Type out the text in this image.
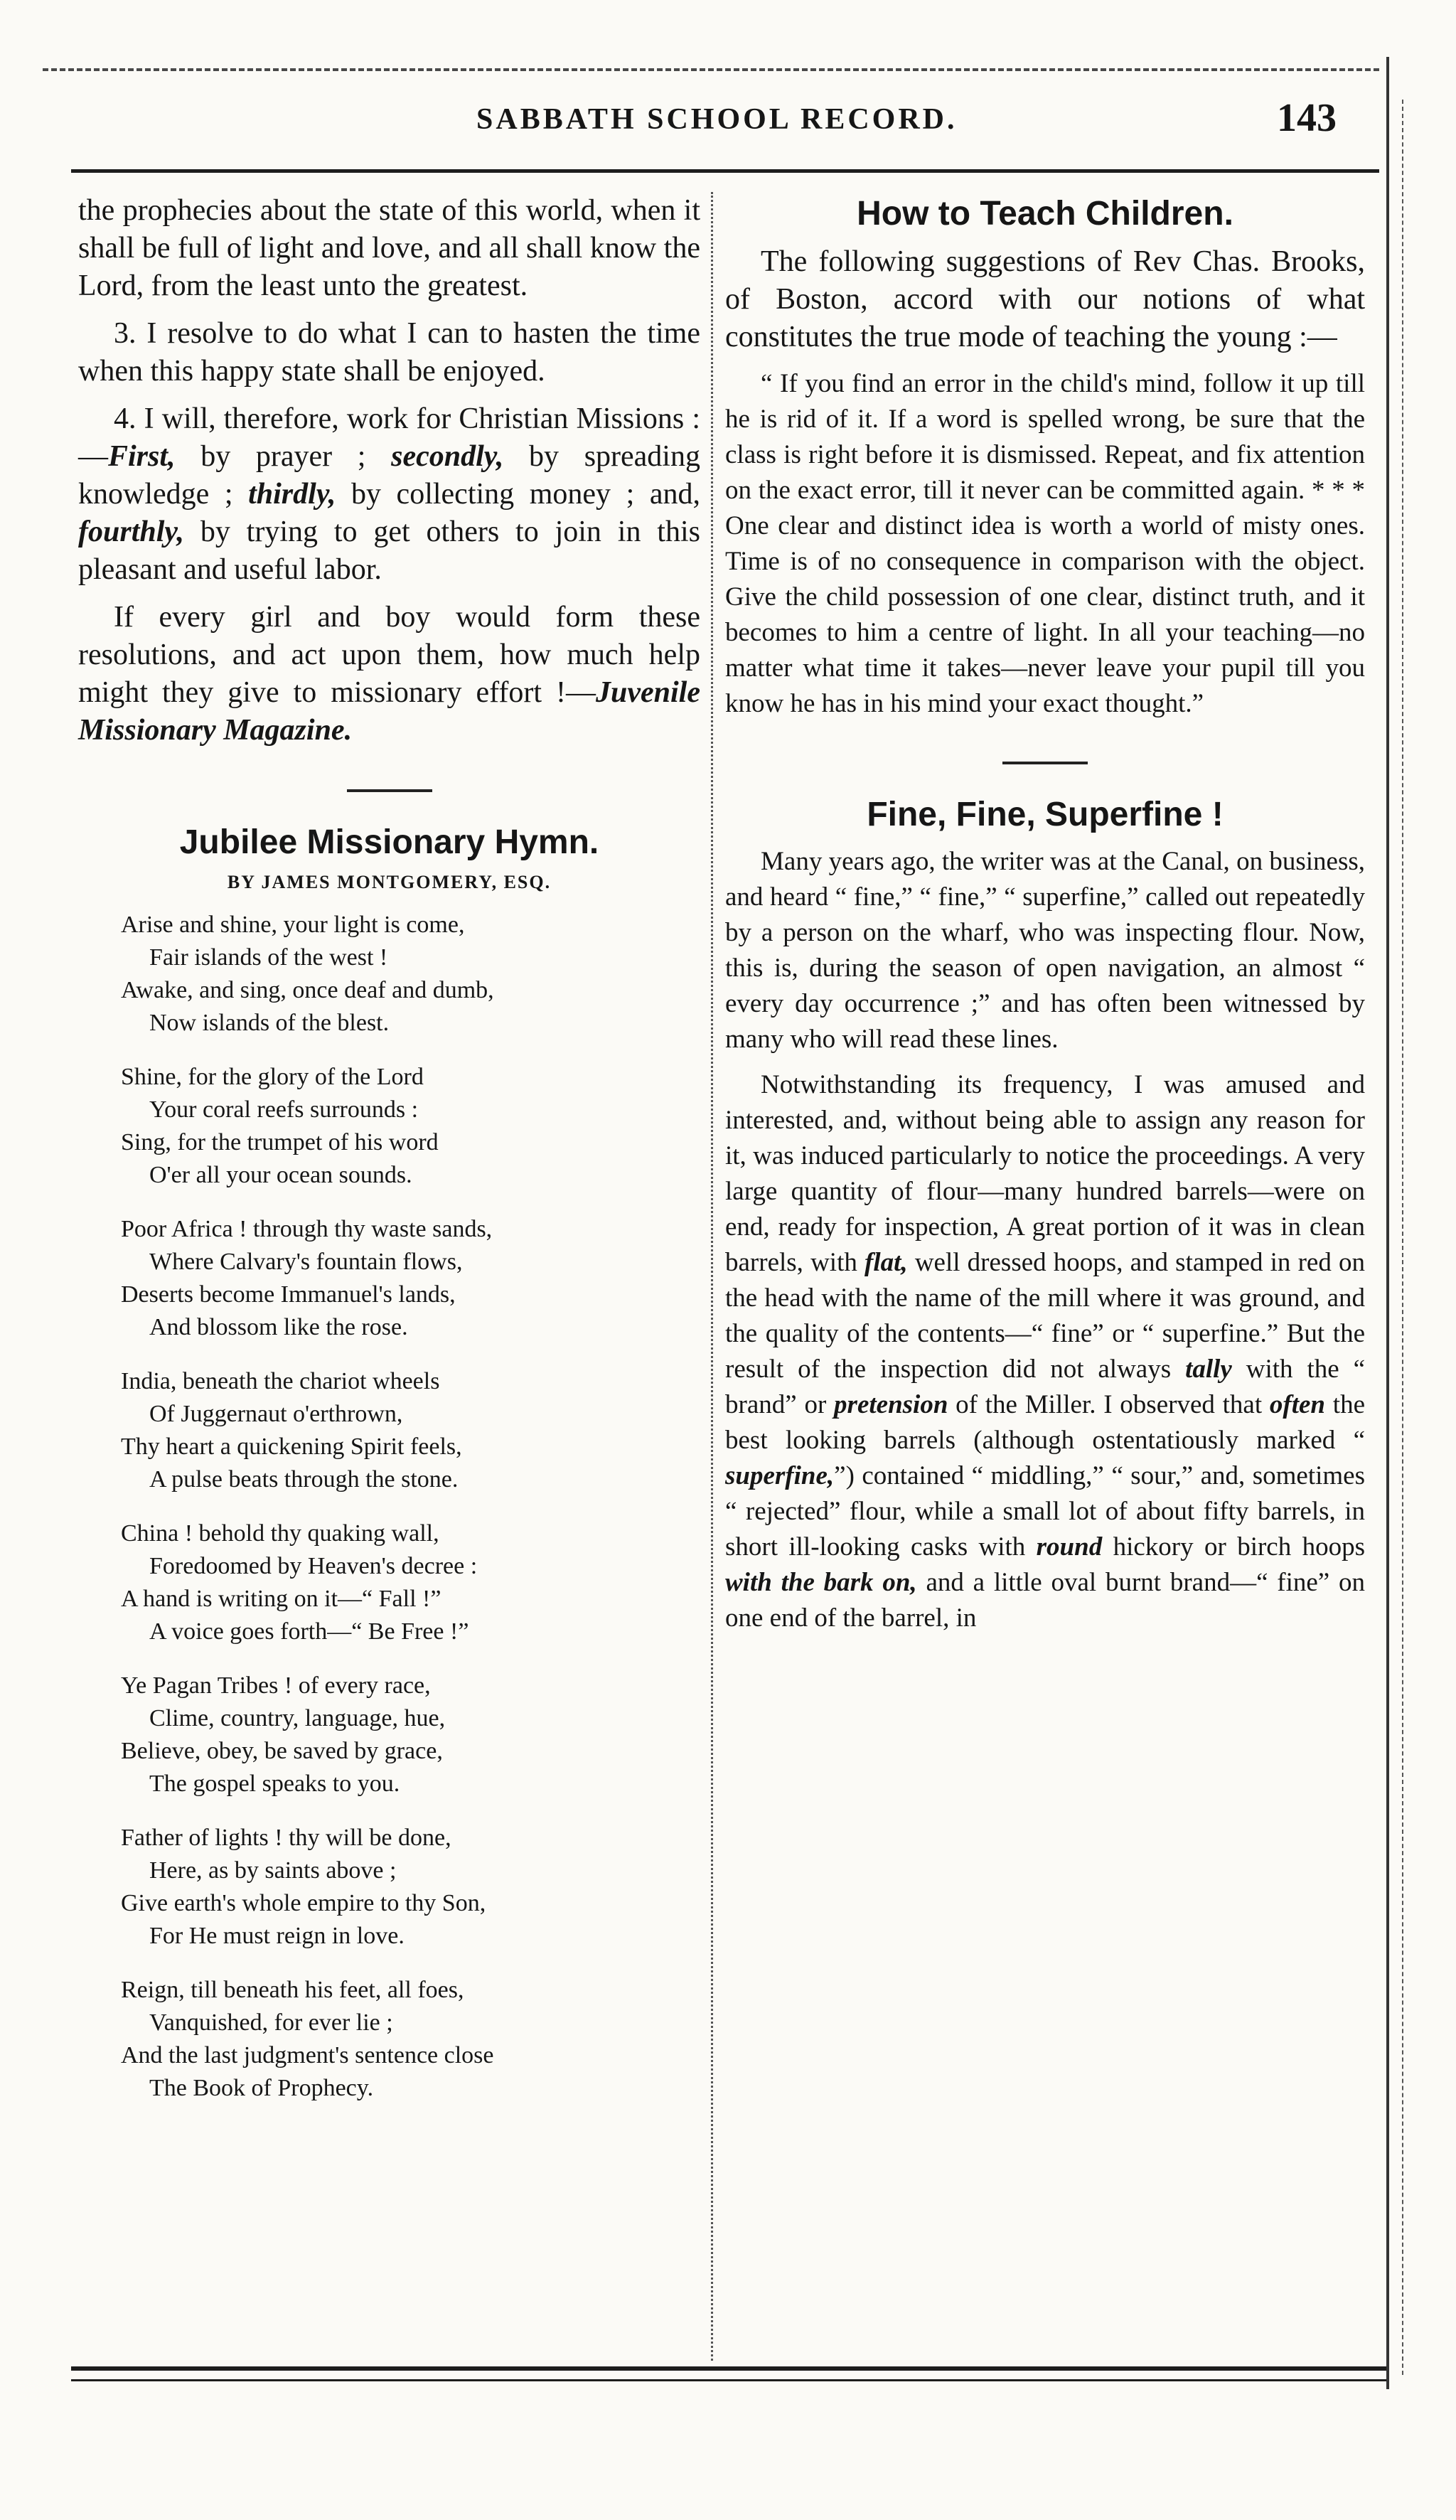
SABBATH SCHOOL RECORD.	143

the prophecies about the state of this world, when it shall be full of light and love, and all shall know the Lord, from the least unto the greatest.

3. I resolve to do what I can to hasten the time when this happy state shall be enjoyed.

4. I will, therefore, work for Christian Missions :—First, by prayer ; secondly, by spreading knowledge ; thirdly, by collecting money ; and, fourthly, by trying to get others to join in this pleasant and useful labor.

If every girl and boy would form these resolutions, and act upon them, how much help might they give to missionary effort !—Juvenile Missionary Magazine.

Jubilee Missionary Hymn.
BY JAMES MONTGOMERY, ESQ.
Arise and shine, your light is come,
Fair islands of the west !
Awake, and sing, once deaf and dumb,
Now islands of the blest.
Shine, for the glory of the Lord
Your coral reefs surrounds :
Sing, for the trumpet of his word
O'er all your ocean sounds.
Poor Africa ! through thy waste sands,
Where Calvary's fountain flows,
Deserts become Immanuel's lands,
And blossom like the rose.
India, beneath the chariot wheels
Of Juggernaut o'erthrown,
Thy heart a quickening Spirit feels,
A pulse beats through the stone.
China ! behold thy quaking wall,
Foredoomed by Heaven's decree :
A hand is writing on it—“ Fall !”
A voice goes forth—“ Be Free !”
Ye Pagan Tribes ! of every race,
Clime, country, language, hue,
Believe, obey, be saved by grace,
The gospel speaks to you.
Father of lights ! thy will be done,
Here, as by saints above ;
Give earth's whole empire to thy Son,
For He must reign in love.
Reign, till beneath his feet, all foes,
Vanquished, for ever lie ;
And the last judgment's sentence close
The Book of Prophecy.
How to Teach Children.

The following suggestions of Rev Chas. Brooks, of Boston, accord with our notions of what constitutes the true mode of teaching the young :—

“ If you find an error in the child's mind, follow it up till he is rid of it. If a word is spelled wrong, be sure that the class is right before it is dismissed. Repeat, and fix attention on the exact error, till it never can be committed again. * * * One clear and distinct idea is worth a world of misty ones. Time is of no consequence in comparison with the object. Give the child possession of one clear, distinct truth, and it becomes to him a centre of light. In all your teaching—no matter what time it takes—never leave your pupil till you know he has in his mind your exact thought.”

Fine, Fine, Superfine !

Many years ago, the writer was at the Canal, on business, and heard “ fine,” “ fine,” “ superfine,” called out repeatedly by a person on the wharf, who was inspecting flour. Now, this is, during the season of open navigation, an almost “ every day occurrence ;” and has often been witnessed by many who will read these lines.

Notwithstanding its frequency, I was amused and interested, and, without being able to assign any reason for it, was induced particularly to notice the proceedings. A very large quantity of flour—many hundred barrels—were on end, ready for inspection, A great portion of it was in clean barrels, with flat, well dressed hoops, and stamped in red on the head with the name of the mill where it was ground, and the quality of the contents—“ fine” or “ superfine.” But the result of the inspection did not always tally with the “ brand” or pretension of the Miller. I observed that often the best looking barrels (although ostentatiously marked “ superfine,”) contained “ middling,” “ sour,” and, sometimes “ rejected” flour, while a small lot of about fifty barrels, in short ill-looking casks with round hickory or birch hoops with the bark on, and a little oval burnt brand—“ fine” on one end of the barrel, in
